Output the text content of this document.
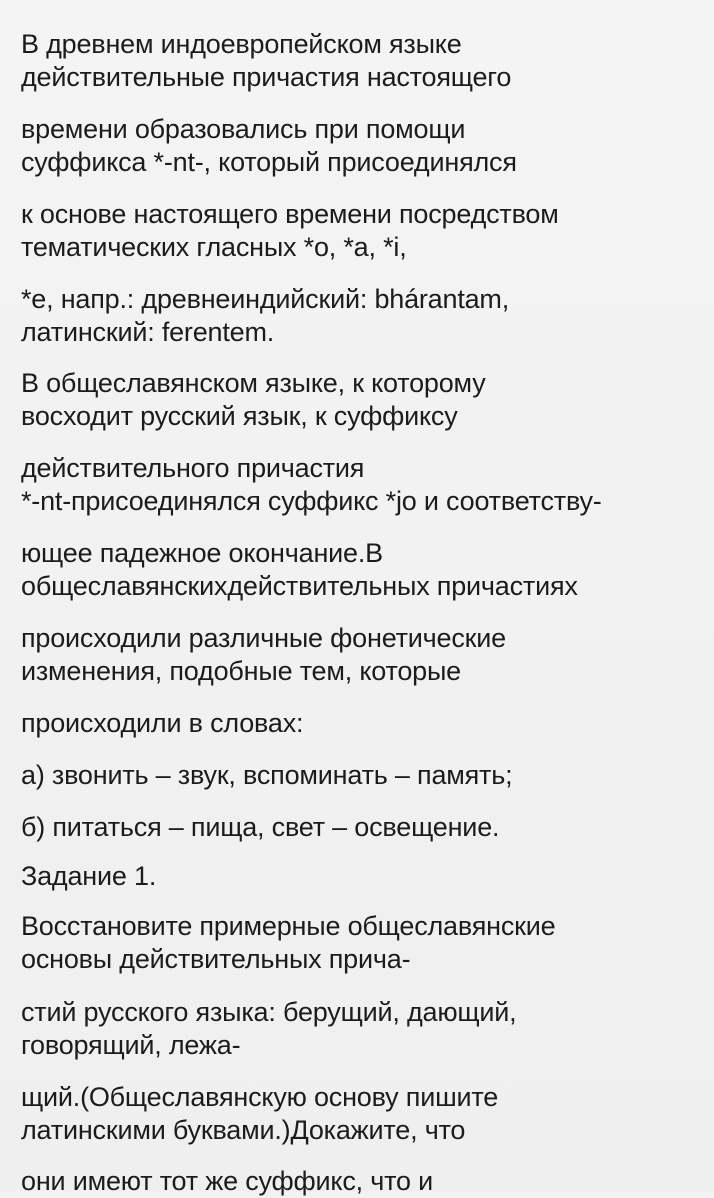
В древнем индоевропейском языке
действительные причастия настоящего
времени образовались при помощи
суффикса *-nt-, который присоединялся
к основе настоящего времени посредством
тематических гласных *o, *a, *i,
*e, напр.: древнеиндийский: bhárantam,
латинский: ferentem.
В общеславянском языке, к которому
восходит русский язык, к суффиксу
действительного причастия
*-nt-присоединялся суффикс *jo и соответству-
ющее падежное окончание.В
общеславянскихдействительных причастиях
происходили различные фонетические
изменения, подобные тем, которые
происходили в словах:
а) звонить – звук, вспоминать – память;
б) питаться – пища, свет – освещение.
Задание 1.
Восстановите примерные общеславянские
основы действительных прича-
стий русского языка: берущий, дающий,
говорящий, лежа-
щий.(Общеславянскую основу пишите
латинскими буквами.)Докажите, что
они имеют тот же суффикс, что и
